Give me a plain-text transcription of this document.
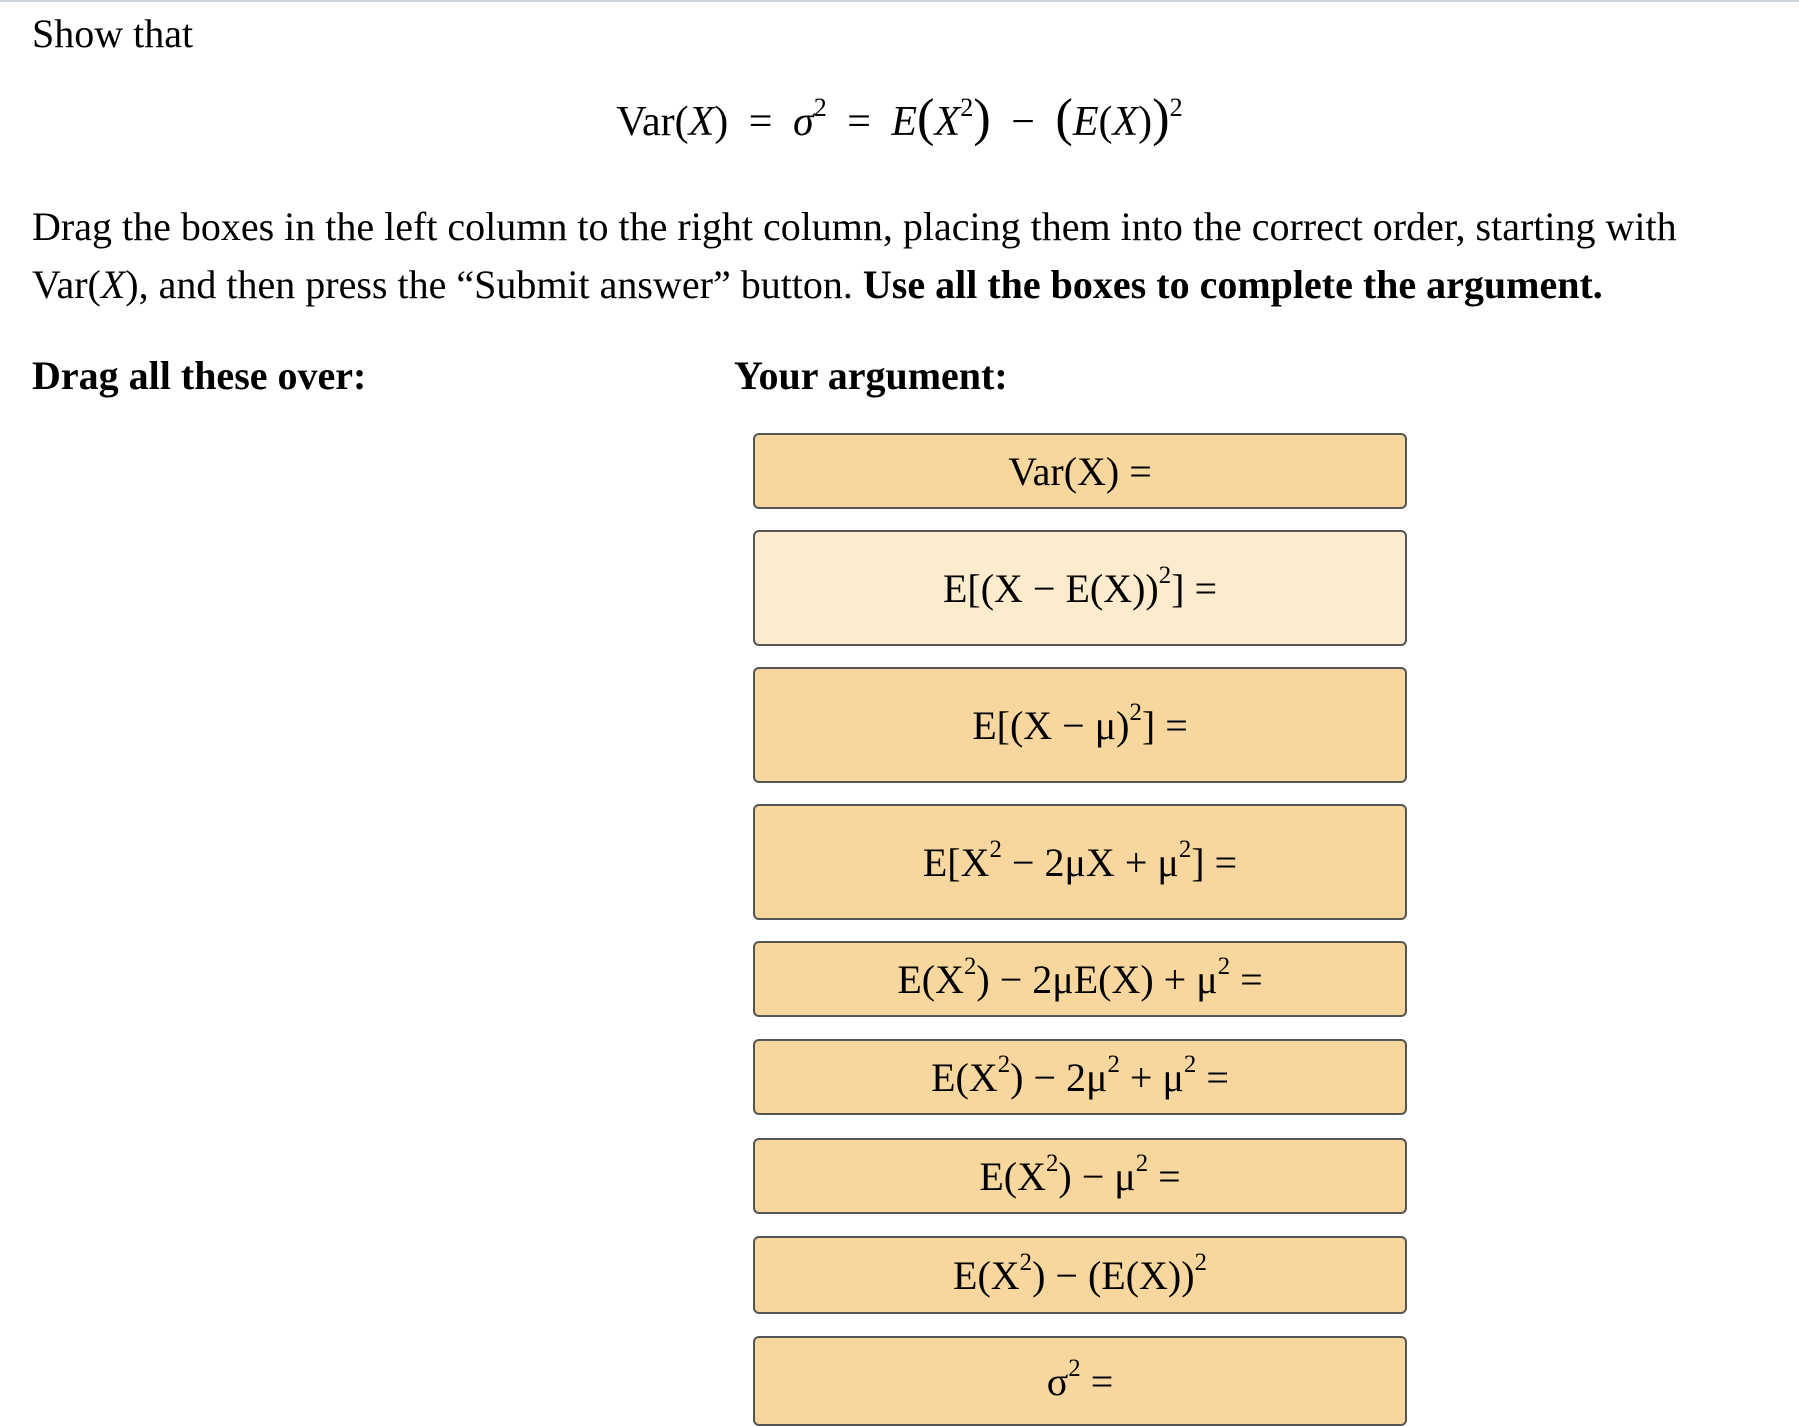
Show that
$Var(X) = \sigma^2 = E(X^2) - (E(X))^2$
Drag the boxes in the left column to the right column, placing them into the correct order, starting with Var(X), and then press the “Submit answer” button. Use all the boxes to complete the argument.
Drag all these over:	Your argument:
Var(X) =
$E[(X - E(X))^2]$ =
$E[(X - \mu)^2]$ =
$E[X^2 - 2\mu X + \mu^2]$ =
$E(X^2) - 2\mu E(X) + \mu^2$ =
$E(X^2) - 2\mu^2 + \mu^2$ =
$E(X^2) - \mu^2$ =
$E(X^2) - (E(X))^2$
$\sigma^2$ =
